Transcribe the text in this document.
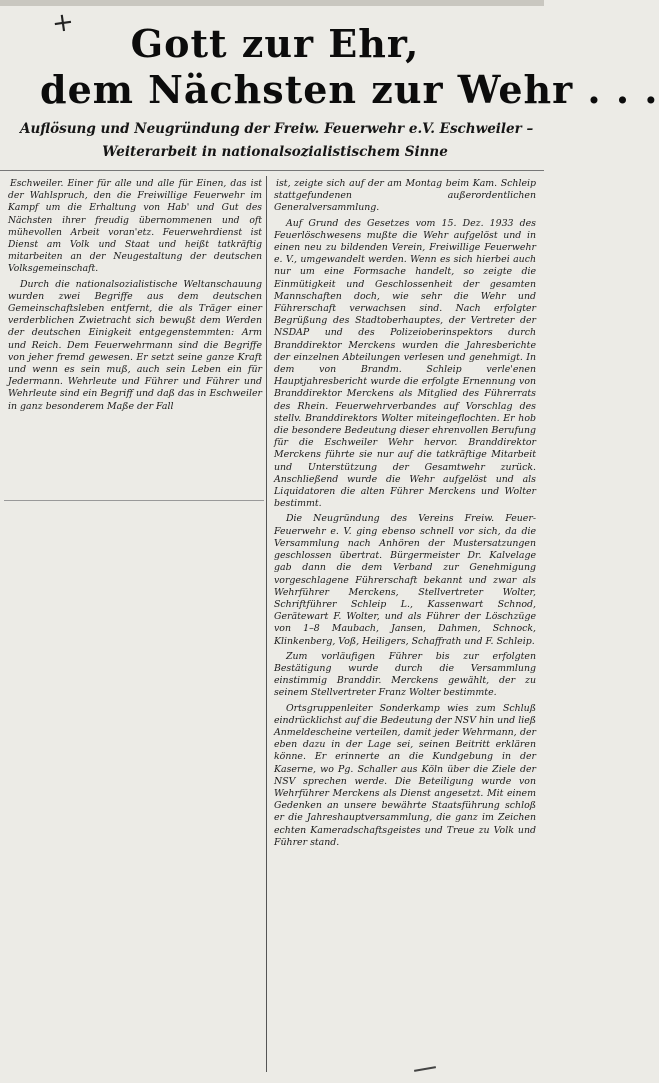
+	Gott zur Ehr,
dem Nächsten zur Wehr . . .
Auflösung und Neugründung der Freiw. Feuerwehr e.V. Eschweiler –
Weiterarbeit in nationalsozialistischem Sinne

Eschweiler. Einer für alle und alle für Einen, das ist der Wahlspruch, den die Freiwillige Feuerwehr im Kampf um die Erhaltung von Hab' und Gut des Nächsten ihrer freudig übernommenen und oft mühevollen Arbeit voran'etz. Feuerwehrdienst ist Dienst am Volk und Staat und heißt tatkräftig mitarbeiten an der Neugestaltung der deutschen Volksgemeinschaft.

Durch die nationalsozialistische Weltanschauung wurden zwei Begriffe aus dem deutschen Gemeinschaftsleben entfernt, die als Träger einer verderblichen Zwietracht sich bewußt dem Werden der deutschen Einigkeit entgegenstemmten: Arm und Reich. Dem Feuerwehrmann sind die Begriffe von jeher fremd gewesen. Er setzt seine ganze Kraft und wenn es sein muß, auch sein Leben ein für Jedermann. Wehrleute und Führer und Führer und Wehrleute sind ein Begriff und daß das in Eschweiler in ganz besonderem Maße der Fall

ist, zeigte sich auf der am Montag beim Kam. Schleip stattgefundenen außerordentlichen Generalversammlung.

Auf Grund des Gesetzes vom 15. Dez. 1933 des Feuerlöschwesens mußte die Wehr aufgelöst und in einen neu zu bildenden Verein, Freiwillige Feuerwehr e. V., umgewandelt werden. Wenn es sich hierbei auch nur um eine Formsache handelt, so zeigte die Einmütigkeit und Geschlossenheit der gesamten Mannschaften doch, wie sehr die Wehr und Führerschaft verwachsen sind. Nach erfolgter Begrüßung des Stadtoberhauptes, der Vertreter der NSDAP und des Polizeioberinspektors durch Branddirektor Merckens wurden die Jahresberichte der einzelnen Abteilungen verlesen und genehmigt. In dem von Brandm. Schleip verle'enen Hauptjahresbericht wurde die erfolgte Ernennung von Branddirektor Merckens als Mitglied des Führerrats des Rhein. Feuerwehrverbandes auf Vorschlag des stellv. Branddirektors Wolter miteingeflochten. Er hob die besondere Bedeutung dieser ehrenvollen Berufung für die Eschweiler Wehr hervor. Branddirektor Merckens führte sie nur auf die tatkräftige Mitarbeit und Unterstützung der Gesamtwehr zurück. Anschließend wurde die Wehr aufgelöst und als Liquidatoren die alten Führer Merckens und Wolter bestimmt.

Die Neugründung des Vereins Freiw. Feuer-Feuerwehr e. V. ging ebenso schnell vor sich, da die Versammlung nach Anhören der Mustersatzungen geschlossen übertrat. Bürgermeister Dr. Kalvelage gab dann die dem Verband zur Genehmigung vorgeschlagene Führerschaft bekannt und zwar als Wehrführer Merckens, Stellvertreter Wolter, Schriftführer Schleip L., Kassenwart Schnod, Gerätewart F. Wolter, und als Führer der Löschzüge von 1–8 Maubach, Jansen, Dahmen, Schnock, Klinkenberg, Voß, Heiligers, Schaffrath und F. Schleip.

Zum vorläufigen Führer bis zur erfolgten Bestätigung wurde durch die Versammlung einstimmig Branddir. Merckens gewählt, der zu seinem Stellvertreter Franz Wolter bestimmte.

Ortsgruppenleiter Sonderkamp wies zum Schluß eindrücklichst auf die Bedeutung der NSV hin und ließ Anmeldescheine verteilen, damit jeder Wehrmann, der eben dazu in der Lage sei, seinen Beitritt erklären könne. Er erinnerte an die Kundgebung in der Kaserne, wo Pg. Schaller aus Köln über die Ziele der NSV sprechen werde. Die Beteiligung wurde von Wehrführer Merckens als Dienst angesetzt. Mit einem Gedenken an unsere bewährte Staatsführung schloß er die Jahreshauptversammlung, die ganz im Zeichen echten Kameradschaftsgeistes und Treue zu Volk und Führer stand.
